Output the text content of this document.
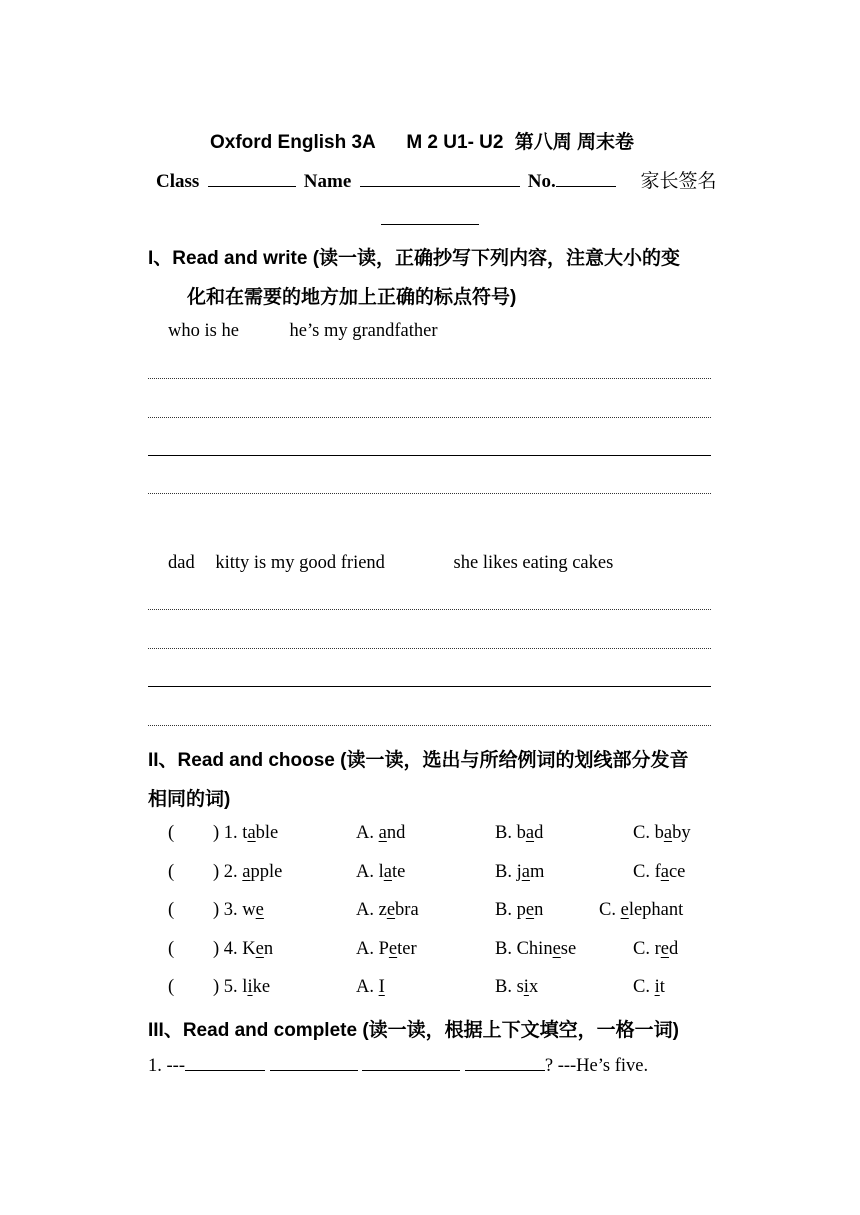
Oxford English 3A M 2 U1- U2 第八周 周末卷
Class	Name	No.	家长签名
I、Read and write (读一读，正确抄写下列内容，注意大小的变
化和在需要的地方加上正确的标点符号)
who is he	he’s my grandfather
dad kitty is my good friend	she likes eating cakes
II、Read and choose (读一读，选出与所给例词的划线部分发音
相同的词)
( ) 1. table	A. and	B. bad	C. baby
( ) 2. apple	A. late	B. jam	C. face
( ) 3. we	A. zebra	B. pen	C. elephant
( ) 4. Ken	A. Peter	B. Chinese	C. red
( ) 5. like	A. I	B. six	C. it
III、Read and complete (读一读，根据上下文填空，一格一词)
1. ---	? ---He’s five.
